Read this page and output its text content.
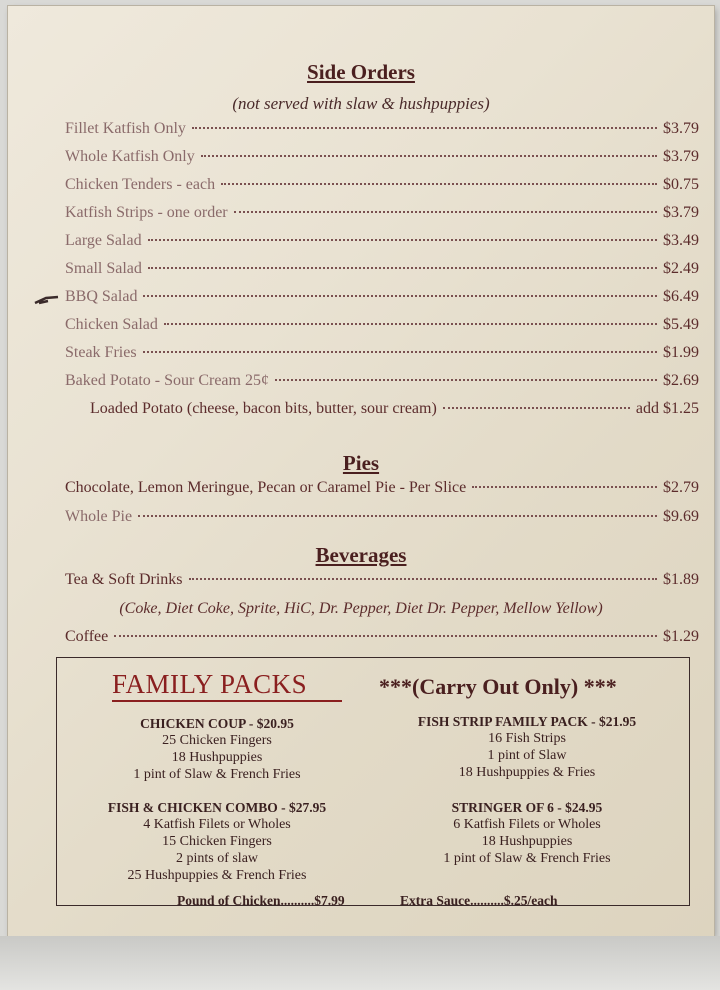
Side Orders
(not served with slaw & hushpuppies)
Fillet Katfish Only	$3.79
Whole Katfish Only	$3.79
Chicken Tenders - each	$0.75
Katfish Strips - one order	$3.79
Large Salad	$3.49
Small Salad	$2.49
BBQ Salad	$6.49
Chicken Salad	$5.49
Steak Fries	$1.99
Baked Potato - Sour Cream 25¢	$2.69
Loaded Potato (cheese, bacon bits, butter, sour cream)	add $1.25
Pies
Chocolate, Lemon Meringue, Pecan or Caramel Pie - Per Slice	$2.79
Whole Pie	$9.69
Beverages
Tea & Soft Drinks	$1.89
(Coke, Diet Coke, Sprite, HiC, Dr. Pepper, Diet Dr. Pepper, Mellow Yellow)
Coffee	$1.29
FAMILY PACKS	***(Carry Out Only) ***
CHICKEN COUP - $20.95
25 Chicken Fingers
18 Hushpuppies
1 pint of Slaw & French Fries
FISH STRIP FAMILY PACK - $21.95
16 Fish Strips
1 pint of Slaw
18 Hushpuppies & Fries
FISH & CHICKEN COMBO - $27.95
4 Katfish Filets or Wholes
15 Chicken Fingers
2 pints of slaw
25 Hushpuppies & French Fries
STRINGER OF 6 - $24.95
6 Katfish Filets or Wholes
18 Hushpuppies
1 pint of Slaw & French Fries
Pound of Chicken..........$7.99	Extra Sauce..........$.25/each
